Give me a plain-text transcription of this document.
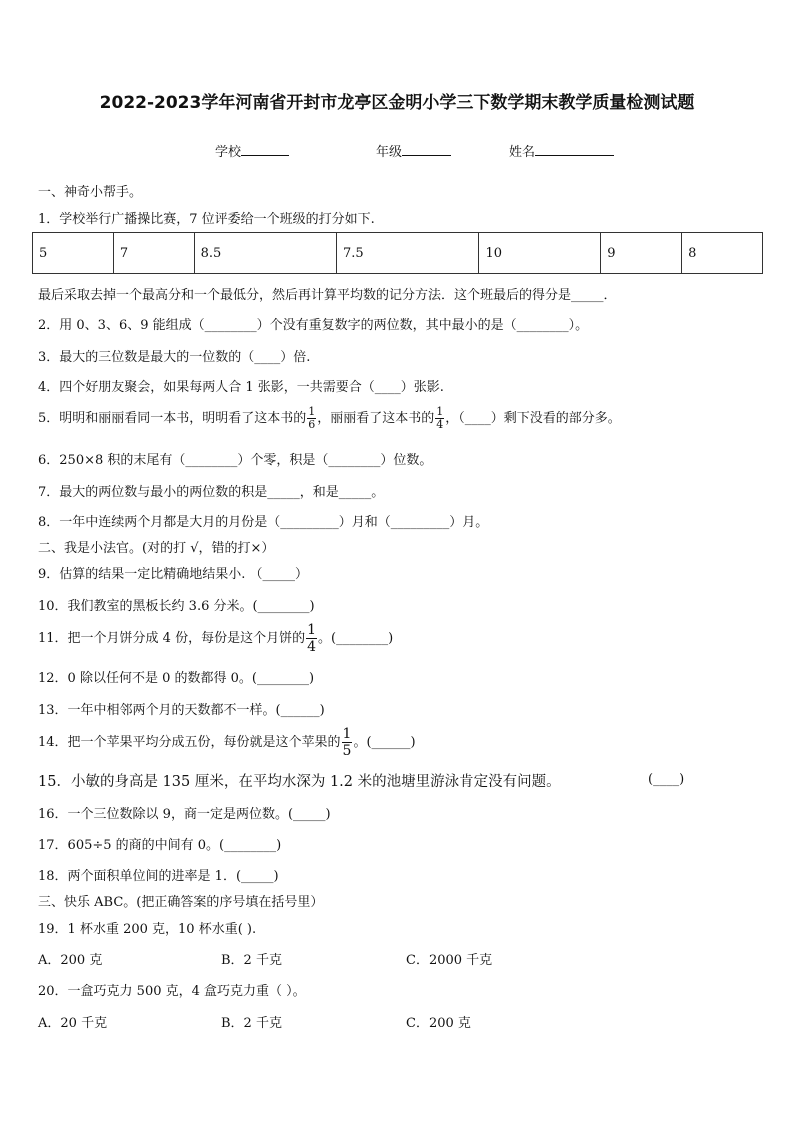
2022-2023学年河南省开封市龙亭区金明小学三下数学期末教学质量检测试题
学校	年级	姓名
一、神奇小帮手。
1．学校举行广播操比赛，7 位评委给一个班级的打分如下.
5	7	8.5	7.5	10	9	8
最后采取去掉一个最高分和一个最低分，然后再计算平均数的记分方法．这个班最后的得分是_____．
2．用 0、3、6、9 能组成（________）个没有重复数字的两位数，其中最小的是（________）。
3．最大的三位数是最大的一位数的（____）倍.
4．四个好朋友聚会，如果每两人合 1 张影，一共需要合（____）张影.
5．明明和丽丽看同一本书，明明看了这本书的 $\frac{1}{6}$ ，丽丽看了这本书的 $\frac{1}{4}$ ，（____）剩下没看的部分多。
6．250×8 积的末尾有（________）个零，积是（________）位数。
7．最大的两位数与最小的两位数的积是_____，和是_____。
8．一年中连续两个月都是大月的月份是（_________）月和（_________）月。
二、我是小法官。(对的打 √，错的打×）
9．估算的结果一定比精确地结果小. （_____）
10．我们教室的黑板长约 3.6 分米。(________)
11．把一个月饼分成 4 份，每份是这个月饼的 $\frac{1}{4}$ 。(________)
12．0 除以任何不是 0 的数都得 0。(________)
13．一年中相邻两个月的天数都不一样。(______)
14．把一个苹果平均分成五份，每份就是这个苹果的 $\frac{1}{5}$ 。(______)
15．小敏的身高是 135 厘米，在平均水深为 1.2 米的池塘里游泳肯定没有问题。	(____)
16．一个三位数除以 9，商一定是两位数。(_____)
17．605÷5 的商的中间有 0。(________)
18．两个面积单位间的进率是 1．(_____)
三、快乐 ABC。(把正确答案的序号填在括号里）
19．1 杯水重 200 克，10 杯水重( ).
A．200 克	B．2 千克	C．2000 千克
20．一盒巧克力 500 克，4 盒巧克力重（ ）。
A．20 千克	B．2 千克	C．200 克
